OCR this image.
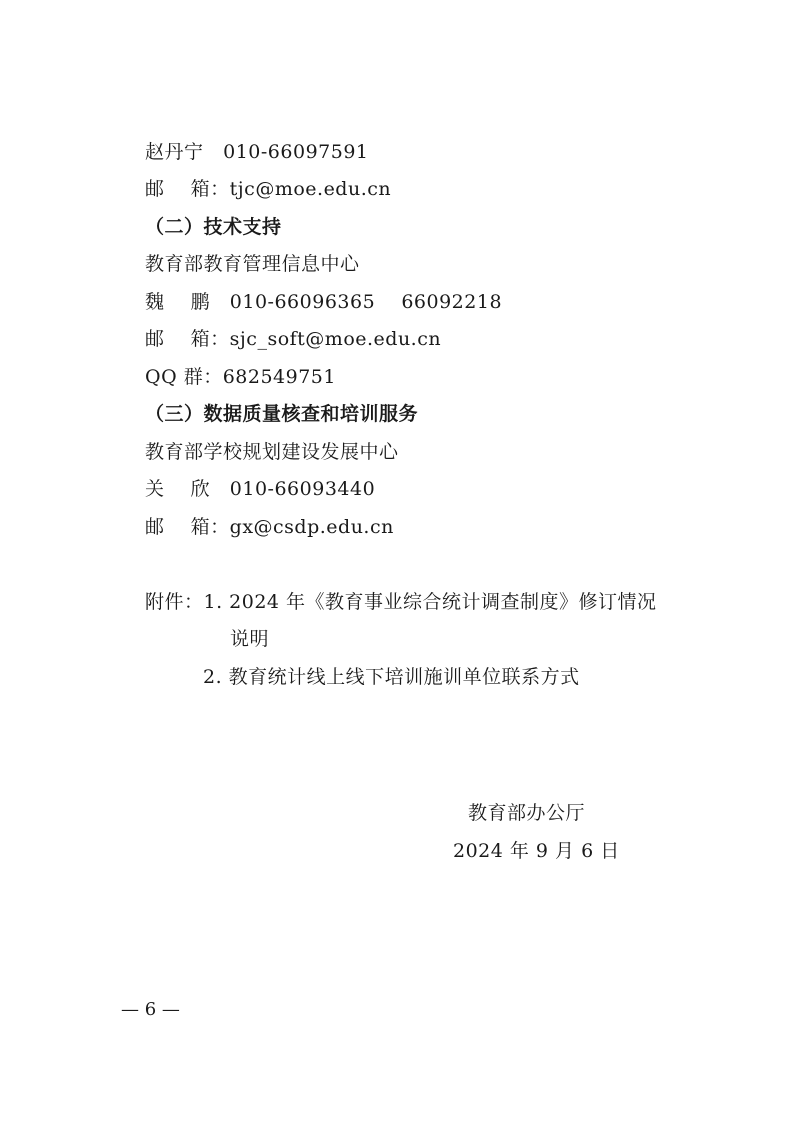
赵丹宁   010-66097591
邮    箱：tjc@moe.edu.cn
（二）技术支持
教育部教育管理信息中心
魏    鹏   010-66096365    66092218
邮    箱：sjc_soft@moe.edu.cn
QQ 群：682549751
（三）数据质量核查和培训服务
教育部学校规划建设发展中心
关    欣   010-66093440
邮    箱：gx@csdp.edu.cn
附件：1. 2024 年《教育事业综合统计调查制度》修订情况
说明
2. 教育统计线上线下培训施训单位联系方式
教育部办公厅
2024 年 9 月 6 日
— 6 —
